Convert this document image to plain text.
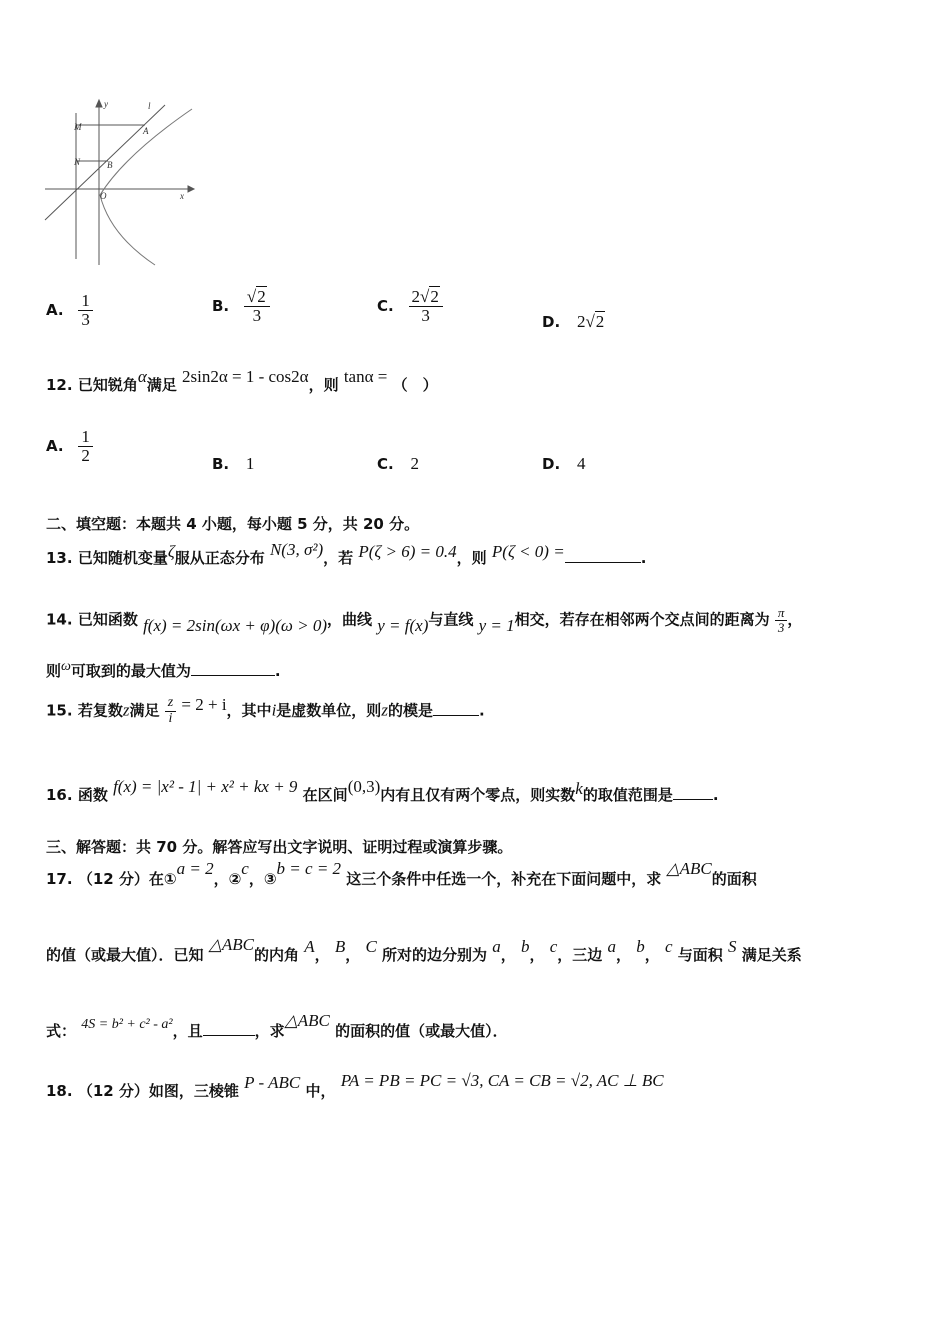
y	l
M	A
N	B
O	x
A. $\frac{1}{3}$	B. $\frac{√2}{3}$	C. $\frac{2√2}{3}$	D. 2√2
12. 已知锐角α满足 2sin2α = 1 - cos2α，则 tanα = （　）
A. $\frac{1}{2}$	B. 1	C. 2	D. 4
二、填空题：本题共 4 小题，每小题 5 分，共 20 分。
13. 已知随机变量ζ服从正态分布 N(3, σ²)，若 P(ζ > 6) = 0.4，则 P(ζ < 0) =	.
14. 已知函数 f(x) = 2sin(ωx + φ)(ω > 0)，曲线 y = f(x)与直线 y = 1相交，若存在相邻两个交点间的距离为 $\frac{\pi}{3}$ ，
则ω可取到的最大值为	.
15. 若复数z满足 $\frac{z}{i} = 2 + i$，其中i是虚数单位，则z的模是	.
16. 函数 f(x) = |x² - 1| + x² + kx + 9 在区间(0,3)内有且仅有两个零点，则实数k的取值范围是	.
三、解答题：共 70 分。解答应写出文字说明、证明过程或演算步骤。
17. （12 分）在①a = 2，②c，③b = c = 2 这三个条件中任选一个，补充在下面问题中，求 △ABC的面积
的值（或最大值）．已知 △ABC的内角 A， B， C 所对的边分别为 a， b， c，三边 a， b， c 与面积 S 满足关系
式： 4S = b² + c² - a²，且	，求△ABC 的面积的值（或最大值）．
18. （12 分）如图，三棱锥 P - ABC 中， PA = PB = PC = √3, CA = CB = √2, AC ⊥ BC
